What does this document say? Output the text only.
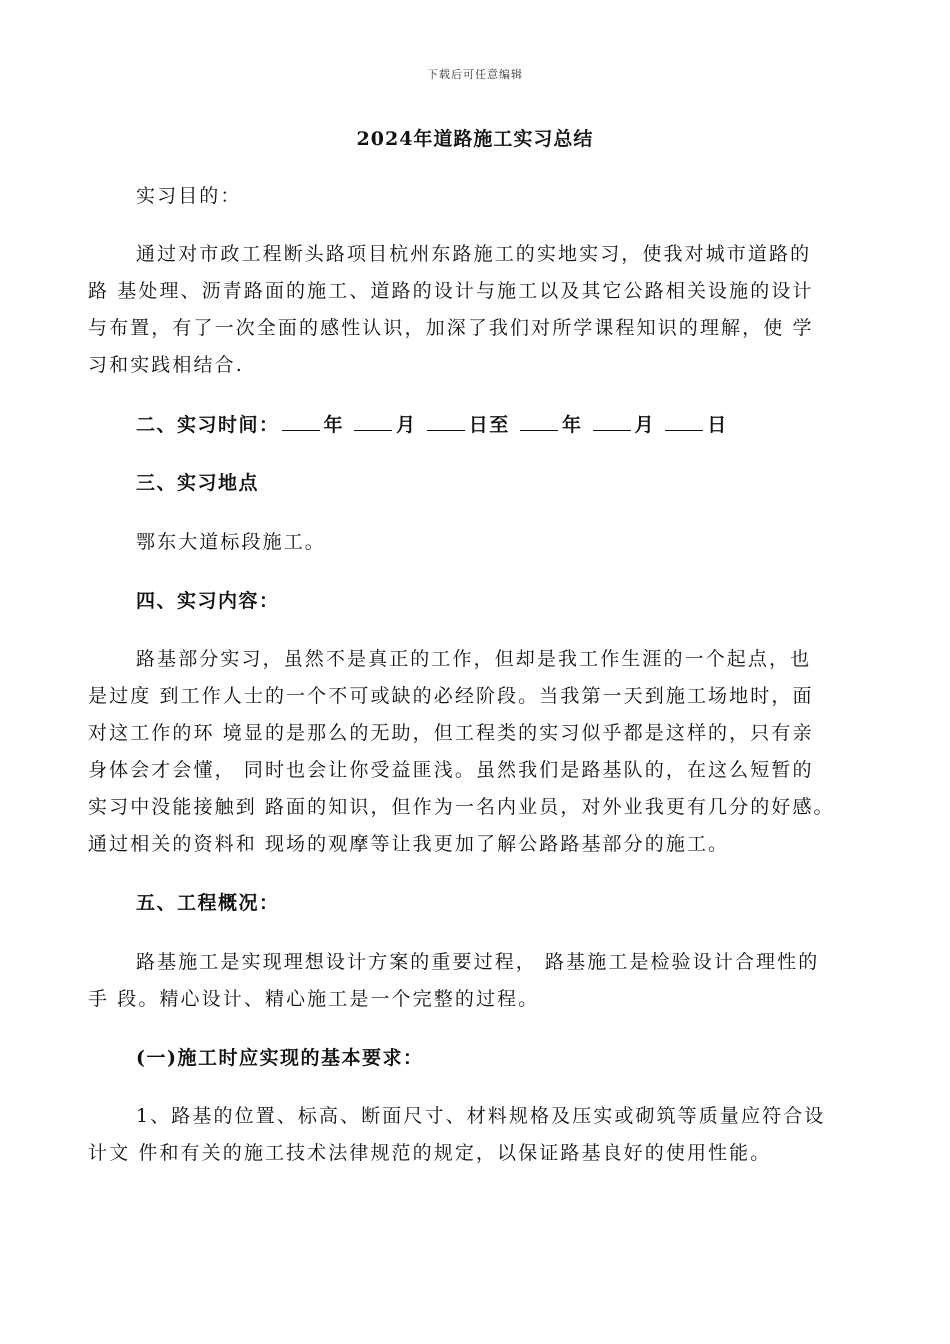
下载后可任意编辑
2024年道路施工实习总结
实习目的：
通过对市政工程断头路项目杭州东路施工的实地实习，使我对城市道路的
路 基处理、沥青路面的施工、道路的设计与施工以及其它公路相关设施的设计
与布置，有了一次全面的感性认识，加深了我们对所学课程知识的理解，使 学
习和实践相结合.
二、实习时间： 年	月	日至	年	月	日
三、实习地点
鄂东大道标段施工。
四、实习内容：
路基部分实习，虽然不是真正的工作，但却是我工作生涯的一个起点，也
是过度 到工作人士的一个不可或缺的必经阶段。当我第一天到施工场地时，面
对这工作的环 境显的是那么的无助，但工程类的实习似乎都是这样的，只有亲
身体会才会懂， 同时也会让你受益匪浅。虽然我们是路基队的，在这么短暂的
实习中没能接触到 路面的知识，但作为一名内业员，对外业我更有几分的好感。
通过相关的资料和 现场的观摩等让我更加了解公路路基部分的施工。
五、工程概况：
路基施工是实现理想设计方案的重要过程， 路基施工是检验设计合理性的
手 段。精心设计、精心施工是一个完整的过程。
(一)施工时应实现的基本要求：
1、路基的位置、标高、断面尺寸、材料规格及压实或砌筑等质量应符合设
计文 件和有关的施工技术法律规范的规定，以保证路基良好的使用性能。
